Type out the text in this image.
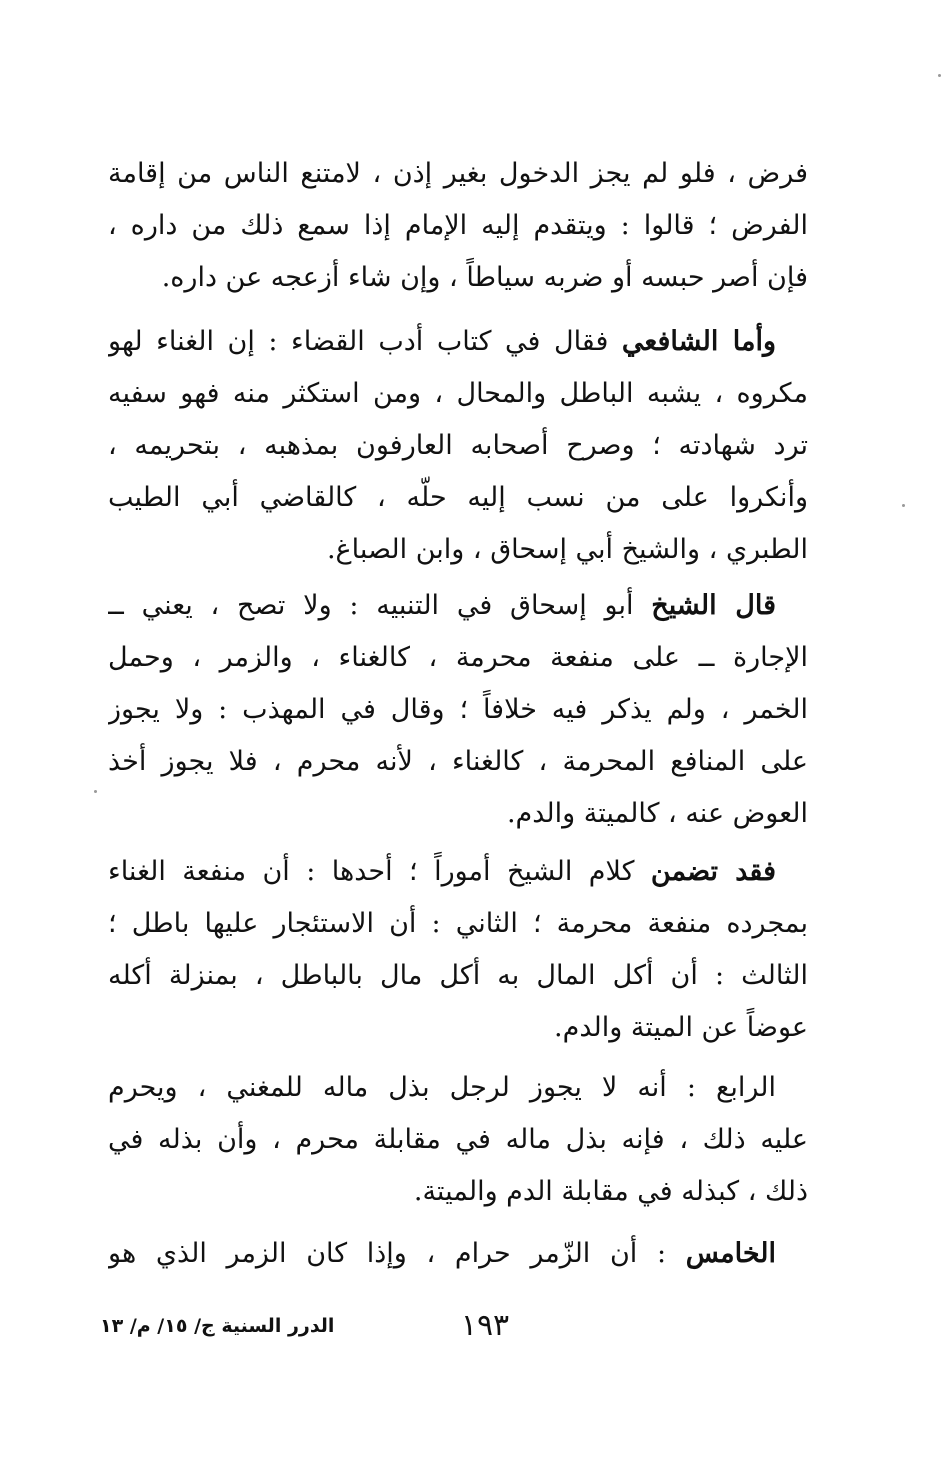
فرض ، فلو لم يجز الدخول بغير إذن ، لامتنع الناس من إقامة
الفرض ؛ قالوا : ويتقدم إليه الإمام إذا سمع ذلك من داره ،
فإن أصر حبسه أو ضربه سياطاً ، وإن شاء أزعجه عن داره.
وأما الشافعي فقال في كتاب أدب القضاء : إن الغناء لهو
مكروه ، يشبه الباطل والمحال ، ومن استكثر منه فهو سفيه
ترد شهادته ؛ وصرح أصحابه العارفون بمذهبه ، بتحريمه ،
وأنكروا على من نسب إليه حلّه ، كالقاضي أبي الطيب
الطبري ، والشيخ أبي إسحاق ، وابن الصباغ.
قال الشيخ أبو إسحاق في التنبيه : ولا تصح ، يعني ــ
الإجارة ــ على منفعة محرمة ، كالغناء ، والزمر ، وحمل
الخمر ، ولم يذكر فيه خلافاً ؛ وقال في المهذب : ولا يجوز
على المنافع المحرمة ، كالغناء ، لأنه محرم ، فلا يجوز أخذ
العوض عنه ، كالميتة والدم.
فقد تضمن كلام الشيخ أموراً ؛ أحدها : أن منفعة الغناء
بمجرده منفعة محرمة ؛ الثاني : أن الاستئجار عليها باطل ؛
الثالث : أن أكل المال به أكل مال بالباطل ، بمنزلة أكله
عوضاً عن الميتة والدم.
الرابع : أنه لا يجوز لرجل بذل ماله للمغني ، ويحرم
عليه ذلك ، فإنه بذل ماله في مقابلة محرم ، وأن بذله في
ذلك ، كبذله في مقابلة الدم والميتة.
الخامس : أن الزّمر حرام ، وإذا كان الزمر الذي هو
١٩٣
الدرر السنية ج/ ١٥/ م/ ١٣
